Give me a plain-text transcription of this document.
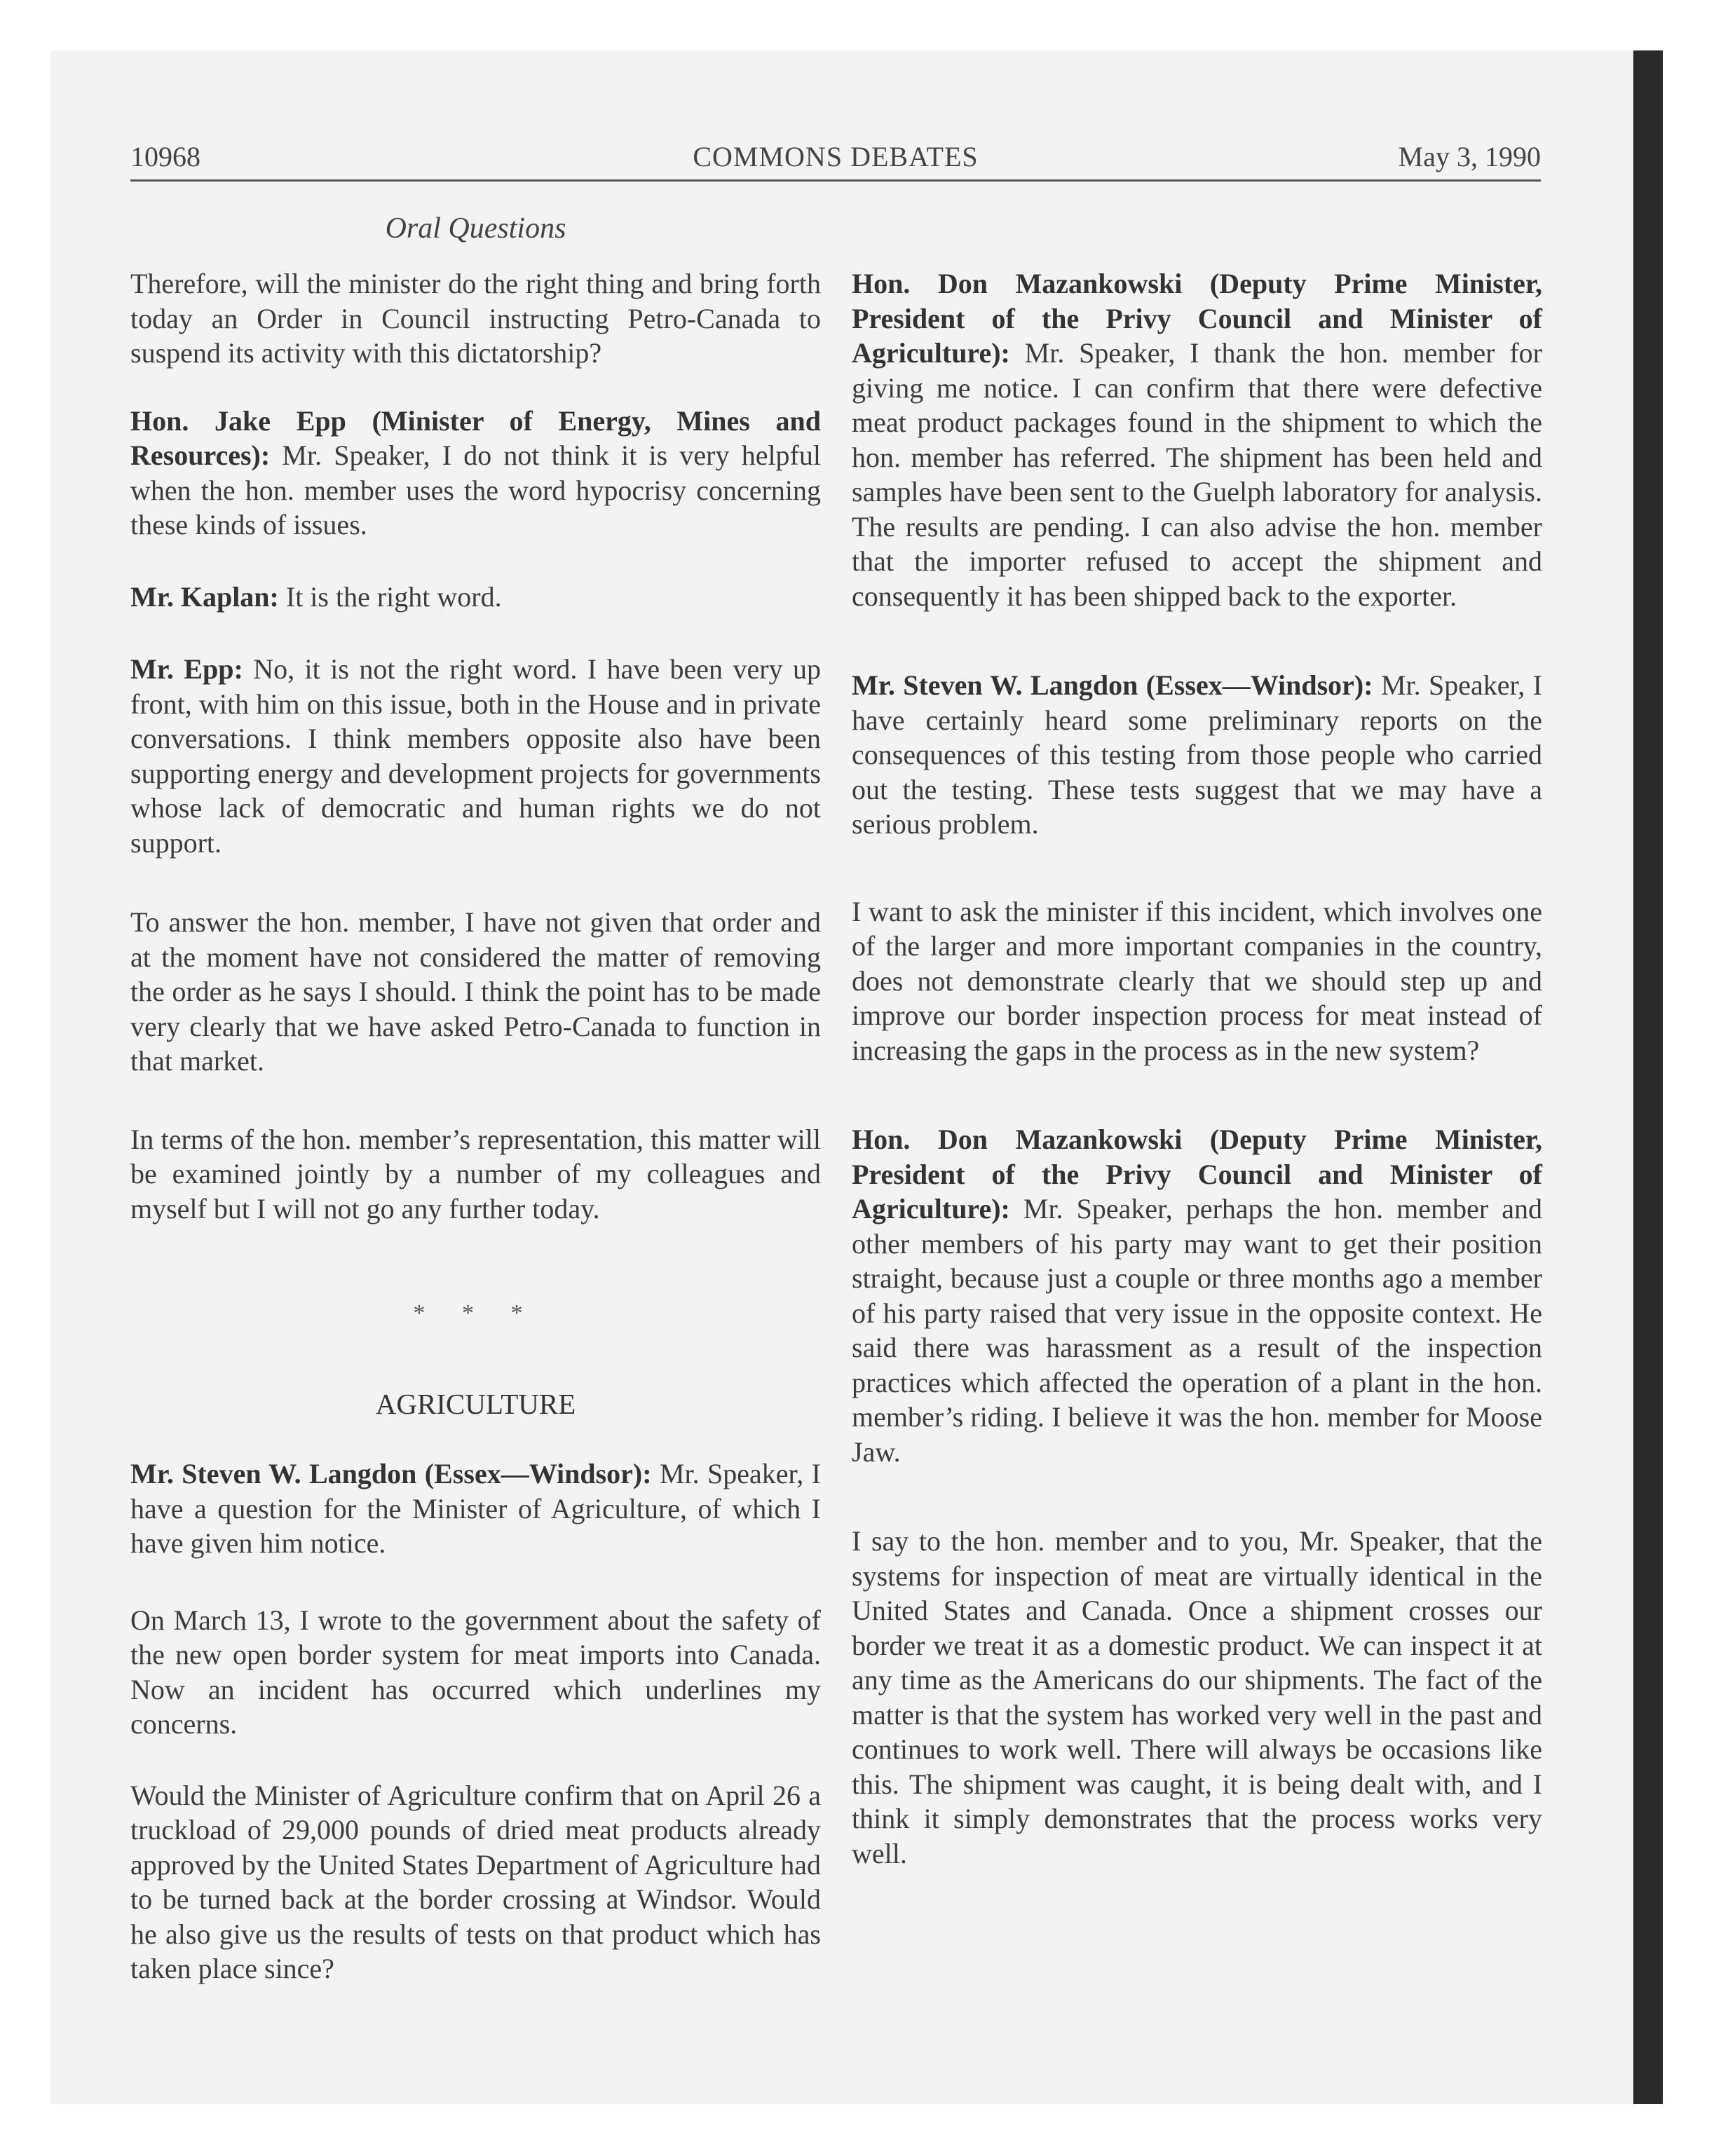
10968	COMMONS DEBATES	May 3, 1990
Oral Questions

Therefore, will the minister do the right thing and bring forth today an Order in Council instructing Petro-Canada to suspend its activity with this dictatorship?

Hon. Jake Epp (Minister of Energy, Mines and Resources): Mr. Speaker, I do not think it is very helpful when the hon. member uses the word hypocrisy concerning these kinds of issues.

Mr. Kaplan: It is the right word.

Mr. Epp: No, it is not the right word. I have been very up front, with him on this issue, both in the House and in private conversations. I think members opposite also have been supporting energy and development projects for governments whose lack of democratic and human rights we do not support.

To answer the hon. member, I have not given that order and at the moment have not considered the matter of removing the order as he says I should. I think the point has to be made very clearly that we have asked Petro-Canada to function in that market.

In terms of the hon. member’s representation, this matter will be examined jointly by a number of my colleagues and myself but I will not go any further today.

* * *

AGRICULTURE

Mr. Steven W. Langdon (Essex—Windsor): Mr. Speaker, I have a question for the Minister of Agriculture, of which I have given him notice.

On March 13, I wrote to the government about the safety of the new open border system for meat imports into Canada. Now an incident has occurred which underlines my concerns.

Would the Minister of Agriculture confirm that on April 26 a truckload of 29,000 pounds of dried meat products already approved by the United States Department of Agriculture had to be turned back at the border crossing at Windsor. Would he also give us the results of tests on that product which has taken place since?

Hon. Don Mazankowski (Deputy Prime Minister, President of the Privy Council and Minister of Agriculture): Mr. Speaker, I thank the hon. member for giving me notice. I can confirm that there were defective meat product packages found in the shipment to which the hon. member has referred. The shipment has been held and samples have been sent to the Guelph laboratory for analysis. The results are pending. I can also advise the hon. member that the importer refused to accept the shipment and consequently it has been shipped back to the exporter.

Mr. Steven W. Langdon (Essex—Windsor): Mr. Speaker, I have certainly heard some preliminary reports on the consequences of this testing from those people who carried out the testing. These tests suggest that we may have a serious problem.

I want to ask the minister if this incident, which involves one of the larger and more important companies in the country, does not demonstrate clearly that we should step up and improve our border inspection process for meat instead of increasing the gaps in the process as in the new system?

Hon. Don Mazankowski (Deputy Prime Minister, President of the Privy Council and Minister of Agriculture): Mr. Speaker, perhaps the hon. member and other members of his party may want to get their position straight, because just a couple or three months ago a member of his party raised that very issue in the opposite context. He said there was harassment as a result of the inspection practices which affected the operation of a plant in the hon. member’s riding. I believe it was the hon. member for Moose Jaw.

I say to the hon. member and to you, Mr. Speaker, that the systems for inspection of meat are virtually identical in the United States and Canada. Once a shipment crosses our border we treat it as a domestic product. We can inspect it at any time as the Americans do our shipments. The fact of the matter is that the system has worked very well in the past and continues to work well. There will always be occasions like this. The shipment was caught, it is being dealt with, and I think it simply demonstrates that the process works very well.
